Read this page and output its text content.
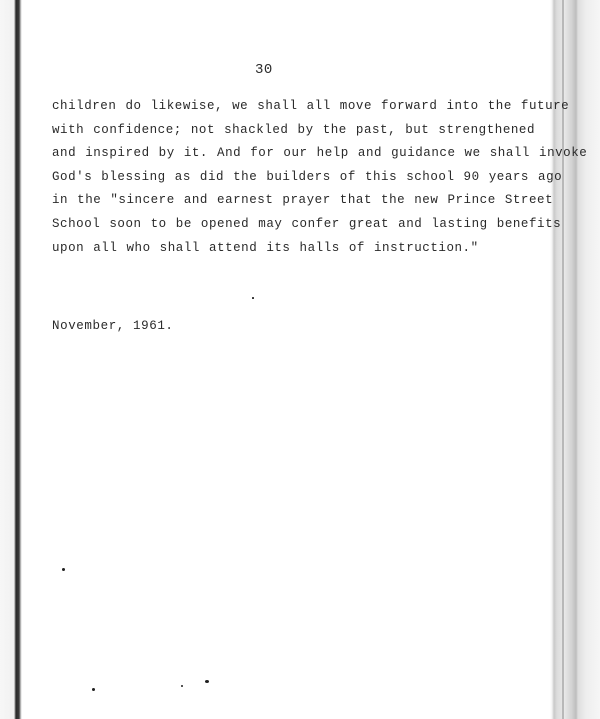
30
children do likewise, we shall all move forward into the future
with confidence; not shackled by the past, but strengthened
and inspired by it. And for our help and guidance we shall invoke
God's blessing as did the builders of this school 90 years ago
in the "sincere and earnest prayer that the new Prince Street
School soon to be opened may confer great and lasting benefits
upon all who shall attend its halls of instruction."
November, 1961.
